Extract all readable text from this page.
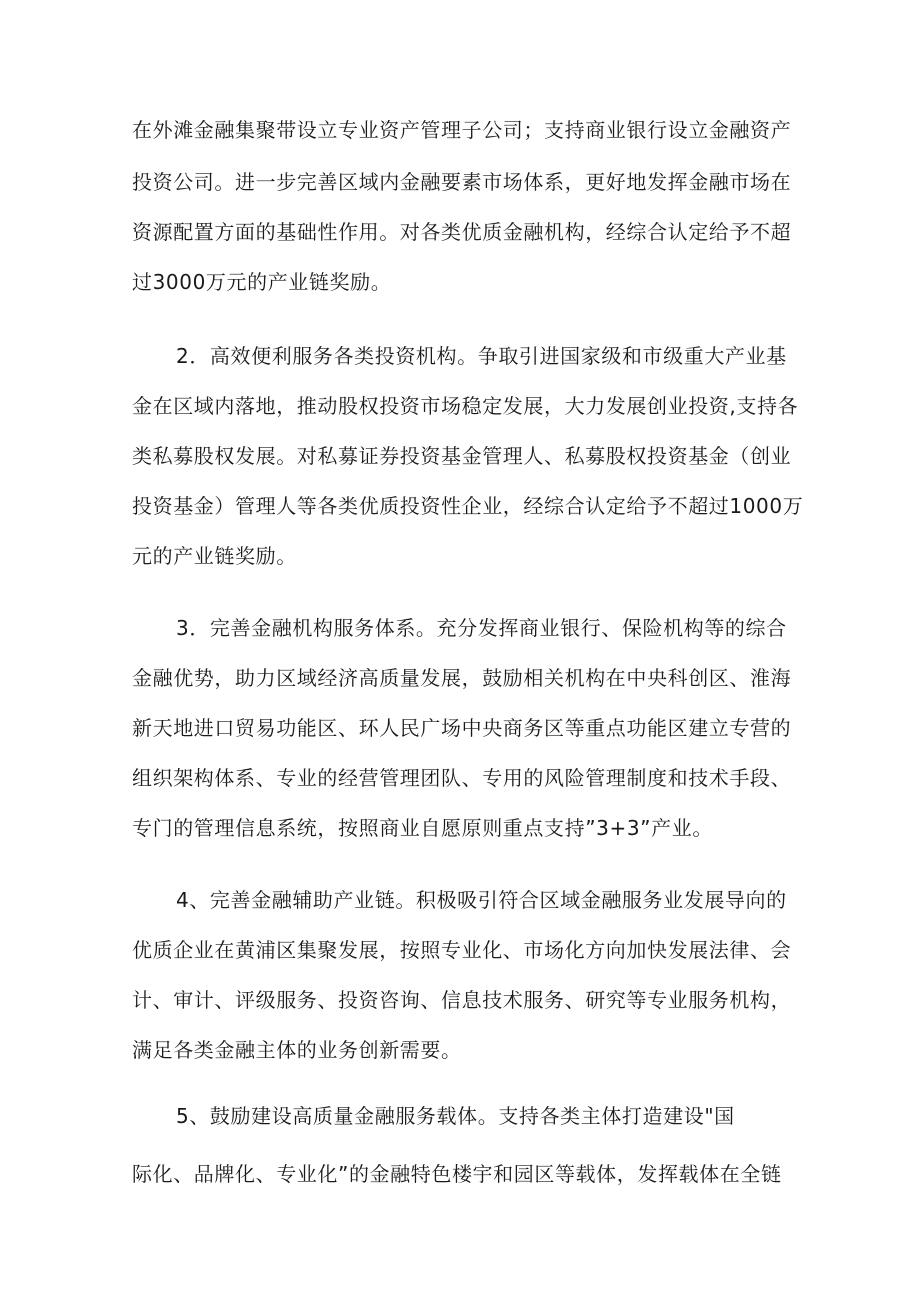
在外滩金融集聚带设立专业资产管理子公司；支持商业银行设立金融资产
投资公司。进一步完善区域内金融要素市场体系，更好地发挥金融市场在
资源配置方面的基础性作用。对各类优质金融机构，经综合认定给予不超
过3000万元的产业链奖励。
2．高效便利服务各类投资机构。争取引进国家级和市级重大产业基
金在区域内落地，推动股权投资市场稳定发展，大力发展创业投资,支持各
类私募股权发展。对私募证券投资基金管理人、私募股权投资基金（创业
投资基金）管理人等各类优质投资性企业，经综合认定给予不超过1000万
元的产业链奖励。
3．完善金融机构服务体系。充分发挥商业银行、保险机构等的综合
金融优势，助力区域经济高质量发展，鼓励相关机构在中央科创区、淮海
新天地进口贸易功能区、环人民广场中央商务区等重点功能区建立专营的
组织架构体系、专业的经营管理团队、专用的风险管理制度和技术手段、
专门的管理信息系统，按照商业自愿原则重点支持”3+3”产业。
4、完善金融辅助产业链。积极吸引符合区域金融服务业发展导向的
优质企业在黄浦区集聚发展，按照专业化、市场化方向加快发展法律、会
计、审计、评级服务、投资咨询、信息技术服务、研究等专业服务机构，
满足各类金融主体的业务创新需要。
5、鼓励建设高质量金融服务载体。支持各类主体打造建设"国
际化、品牌化、专业化”的金融特色楼宇和园区等载体，发挥载体在全链
